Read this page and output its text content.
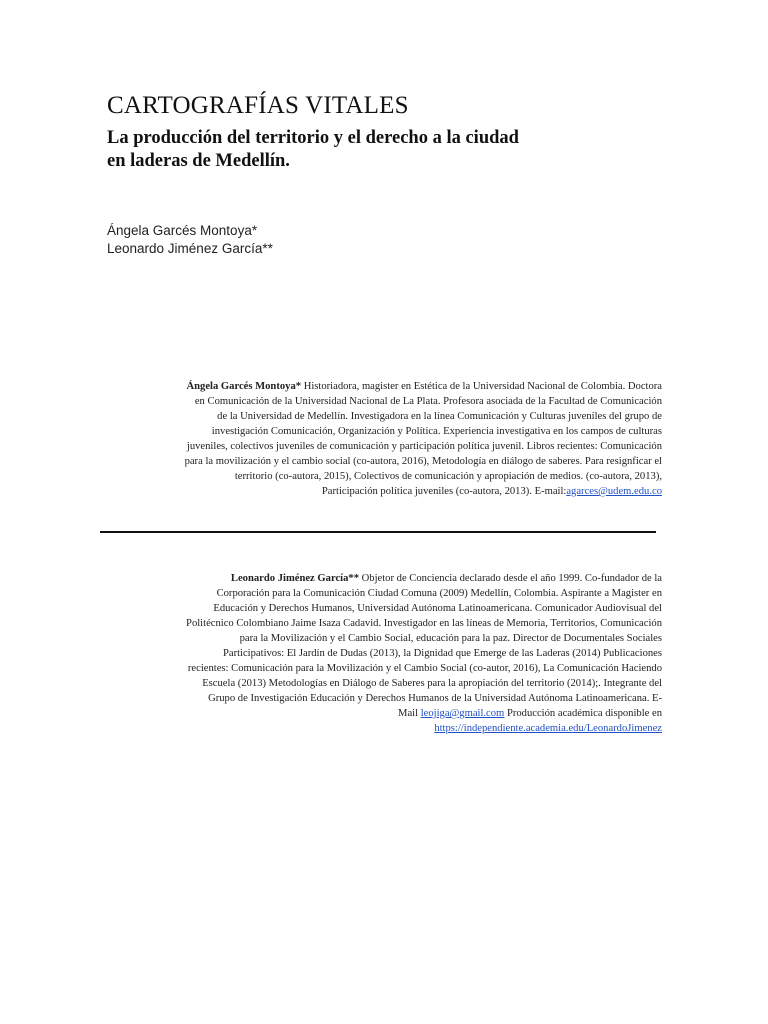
CARTOGRAFÍAS VITALES
La producción del territorio y el derecho a la ciudad
en laderas de Medellín.
Ángela Garcés Montoya*
Leonardo Jiménez García**
Ángela Garcés Montoya* Historiadora, magister en Estética de la Universidad Nacional de Colombia. Doctora
en Comunicación de la Universidad Nacional de La Plata. Profesora asociada de la Facultad de Comunicación
de la Universidad de Medellín. Investigadora en la línea Comunicación y Culturas juveniles del grupo de
investigación Comunicación, Organización y Política. Experiencia investigativa en los campos de culturas
juveniles, colectivos juveniles de comunicación y participación política juvenil. Libros recientes: Comunicación
para la movilización y el cambio social (co-autora, 2016), Metodología en diálogo de saberes. Para resignficar el
territorio (co-autora, 2015), Colectivos de comunicación y apropiación de medios. (co-autora, 2013),
Participación política juveniles (co-autora, 2013). E-mail:agarces@udem.edu.co
Leonardo Jiménez García** Objetor de Conciencia declarado desde el año 1999. Co-fundador de la
Corporación para la Comunicación Ciudad Comuna (2009) Medellín, Colombia. Aspirante a Magister en
Educación y Derechos Humanos, Universidad Autónoma Latinoamericana. Comunicador Audiovisual del
Politécnico Colombiano Jaime Isaza Cadavid. Investigador en las líneas de Memoria, Territorios, Comunicación
para la Movilización y el Cambio Social, educación para la paz. Director de Documentales Sociales
Participativos: El Jardín de Dudas (2013), la Dignidad que Emerge de las Laderas (2014) Publicaciones
recientes: Comunicación para la Movilización y el Cambio Social (co-autor, 2016), La Comunicación Haciendo
Escuela (2013) Metodologías en Diálogo de Saberes para la apropiación del territorio (2014);. Integrante del
Grupo de Investigación Educación y Derechos Humanos de la Universidad Autónoma Latinoamericana. E-
Mail leojiga@gmail.com Producción académica disponible en
https://independiente.academia.edu/LeonardoJimenez
